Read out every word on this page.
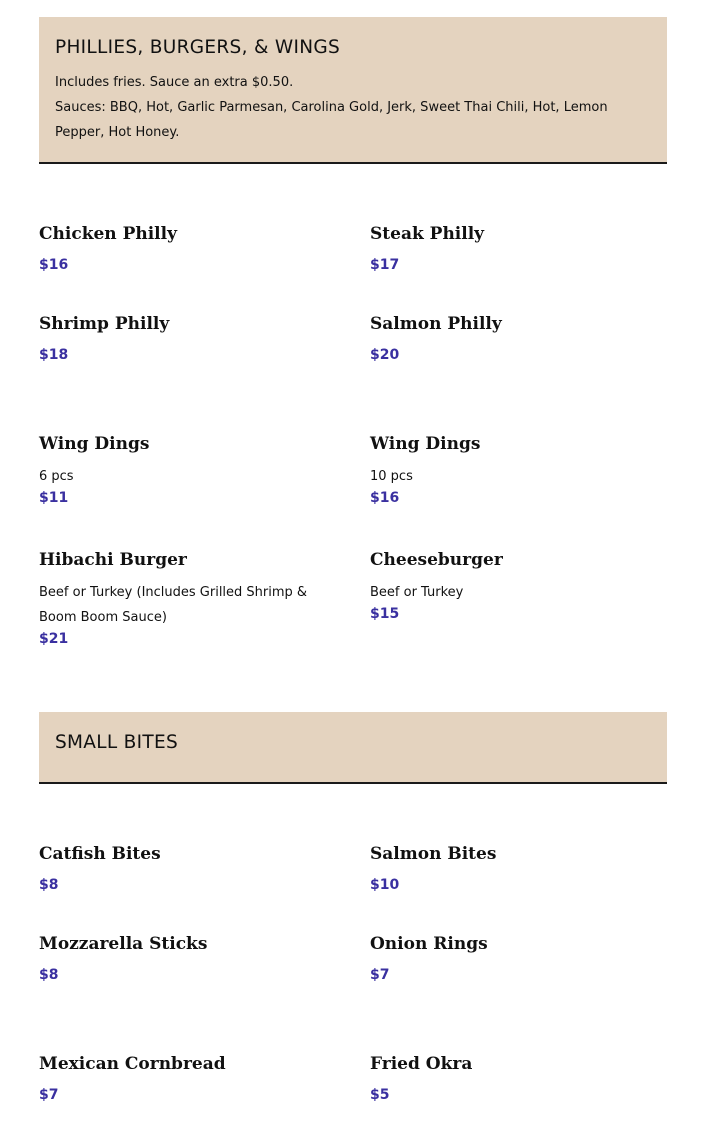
PHILLIES, BURGERS, & WINGS

Includes fries. Sauce an extra $0.50.

Sauces: BBQ, Hot, Garlic Parmesan, Carolina Gold, Jerk, Sweet Thai Chili, Hot, Lemon Pepper, Hot Honey.

Chicken Philly
$16
Steak Philly
$17
Shrimp Philly
$18
Salmon Philly
$20
Wing Dings

6 pcs

$11
Wing Dings

10 pcs

$16
Hibachi Burger

Beef or Turkey (Includes Grilled Shrimp & Boom Boom Sauce)

$21
Cheeseburger

Beef or Turkey

$15
SMALL BITES
Catfish Bites
$8
Salmon Bites
$10
Mozzarella Sticks
$8
Onion Rings
$7
Mexican Cornbread
$7
Fried Okra
$5
